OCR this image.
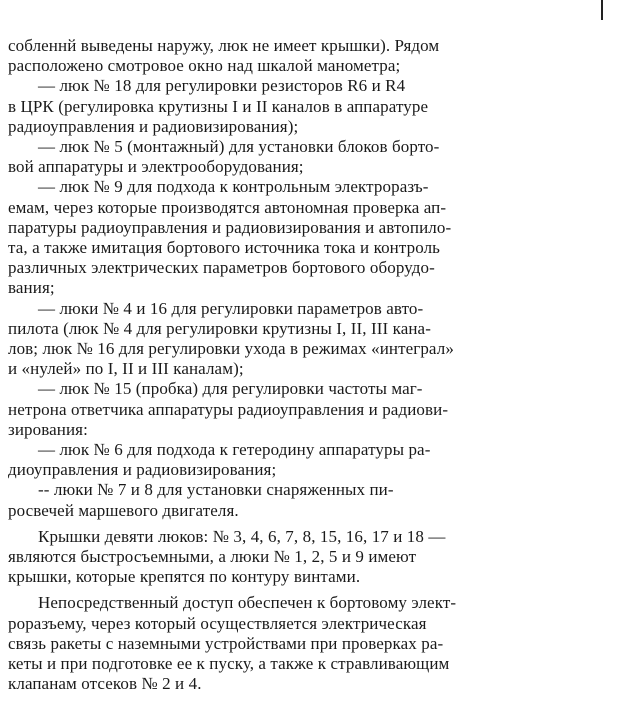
собленнй выведены наружу, люк не имеет крышки). Рядом
расположено смотровое окно над шкалой манометра;
— люк № 18 для регулировки резисторов R6 и R4
в ЦРК (регулировка крутизны I и II каналов в аппаратуре
радиоуправления и радиовизирования);
— люк № 5 (монтажный) для установки блоков борто-
вой аппаратуры и электрооборудования;
— люк № 9 для подхода к контрольным электроразъ-
емам, через которые производятся автономная проверка ап-
паратуры радиоуправления и радиовизирования и автопило-
та, а также имитация бортового источника тока и контроль
различных электрических параметров бортового оборудо-
вания;
— люки № 4 и 16 для регулировки параметров авто-
пилота (люк № 4 для регулировки крутизны I, II, III кана-
лов; люк № 16 для регулировки ухода в режимах «интеграл»
и «нулей» по I, II и III каналам);
— люк № 15 (пробка) для регулировки частоты маг-
нетрона ответчика аппаратуры радиоуправления и радиови-
зирования:
— люк № 6 для подхода к гетеродину аппаратуры ра-
диоуправления и радиовизирования;
-- люки № 7 и 8 для установки снаряженных пи-
росвечей маршевого двигателя.
Крышки девяти люков: № 3, 4, 6, 7, 8, 15, 16, 17 и 18 —
являются быстросъемными, а люки № 1, 2, 5 и 9 имеют
крышки, которые крепятся по контуру винтами.
Непосредственный доступ обеспечен к бортовому элект-
роразъему, через который осуществляется электрическая
связь ракеты с наземными устройствами при проверках ра-
кеты и при подготовке ее к пуску, а также к стравливающим
клапанам отсеков № 2 и 4.
